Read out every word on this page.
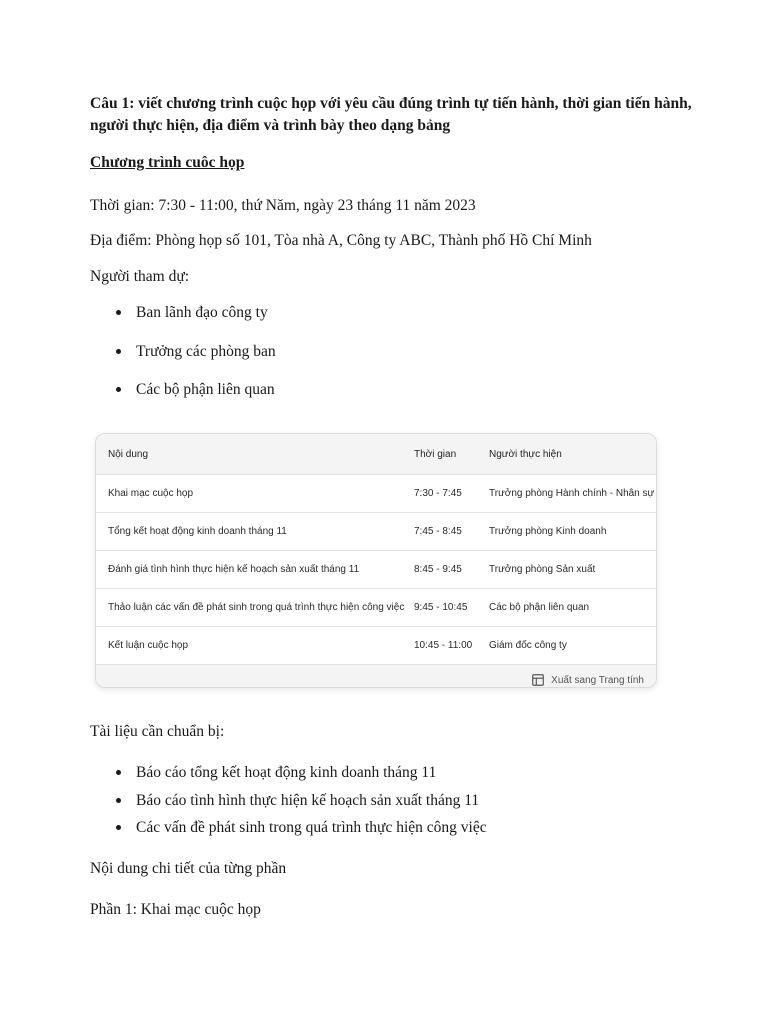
Câu 1: viết chương trình cuộc họp với yêu cầu đúng trình tự tiến hành, thời gian tiến hành, người thực hiện, địa điểm và trình bày theo dạng bảng
Chương trình cuôc họp
Thời gian: 7:30 - 11:00, thứ Năm, ngày 23 tháng 11 năm 2023
Địa điểm: Phòng họp số 101, Tòa nhà A, Công ty ABC, Thành phố Hồ Chí Minh
Người tham dự:
Ban lãnh đạo công ty
Trưởng các phòng ban
Các bộ phận liên quan
Nội dung	Thời gian	Người thực hiện
Khai mạc cuộc họp	7:30 - 7:45	Trưởng phòng Hành chính - Nhân sự
Tổng kết hoạt động kinh doanh tháng 11	7:45 - 8:45	Trưởng phòng Kinh doanh
Đánh giá tình hình thực hiện kế hoạch sản xuất tháng 11	8:45 - 9:45	Trưởng phòng Sản xuất
Thảo luận các vấn đề phát sinh trong quá trình thực hiện công việc 9:45 - 10:45 Các bộ phận liên quan
Kết luận cuộc họp	10:45 - 11:00 Giám đốc công ty
Xuất sang Trang tính
Tài liệu cần chuẩn bị:
Báo cáo tổng kết hoạt động kinh doanh tháng 11
Báo cáo tình hình thực hiện kế hoạch sản xuất tháng 11
Các vấn đề phát sinh trong quá trình thực hiện công việc
Nội dung chi tiết của từng phần
Phần 1: Khai mạc cuộc họp
